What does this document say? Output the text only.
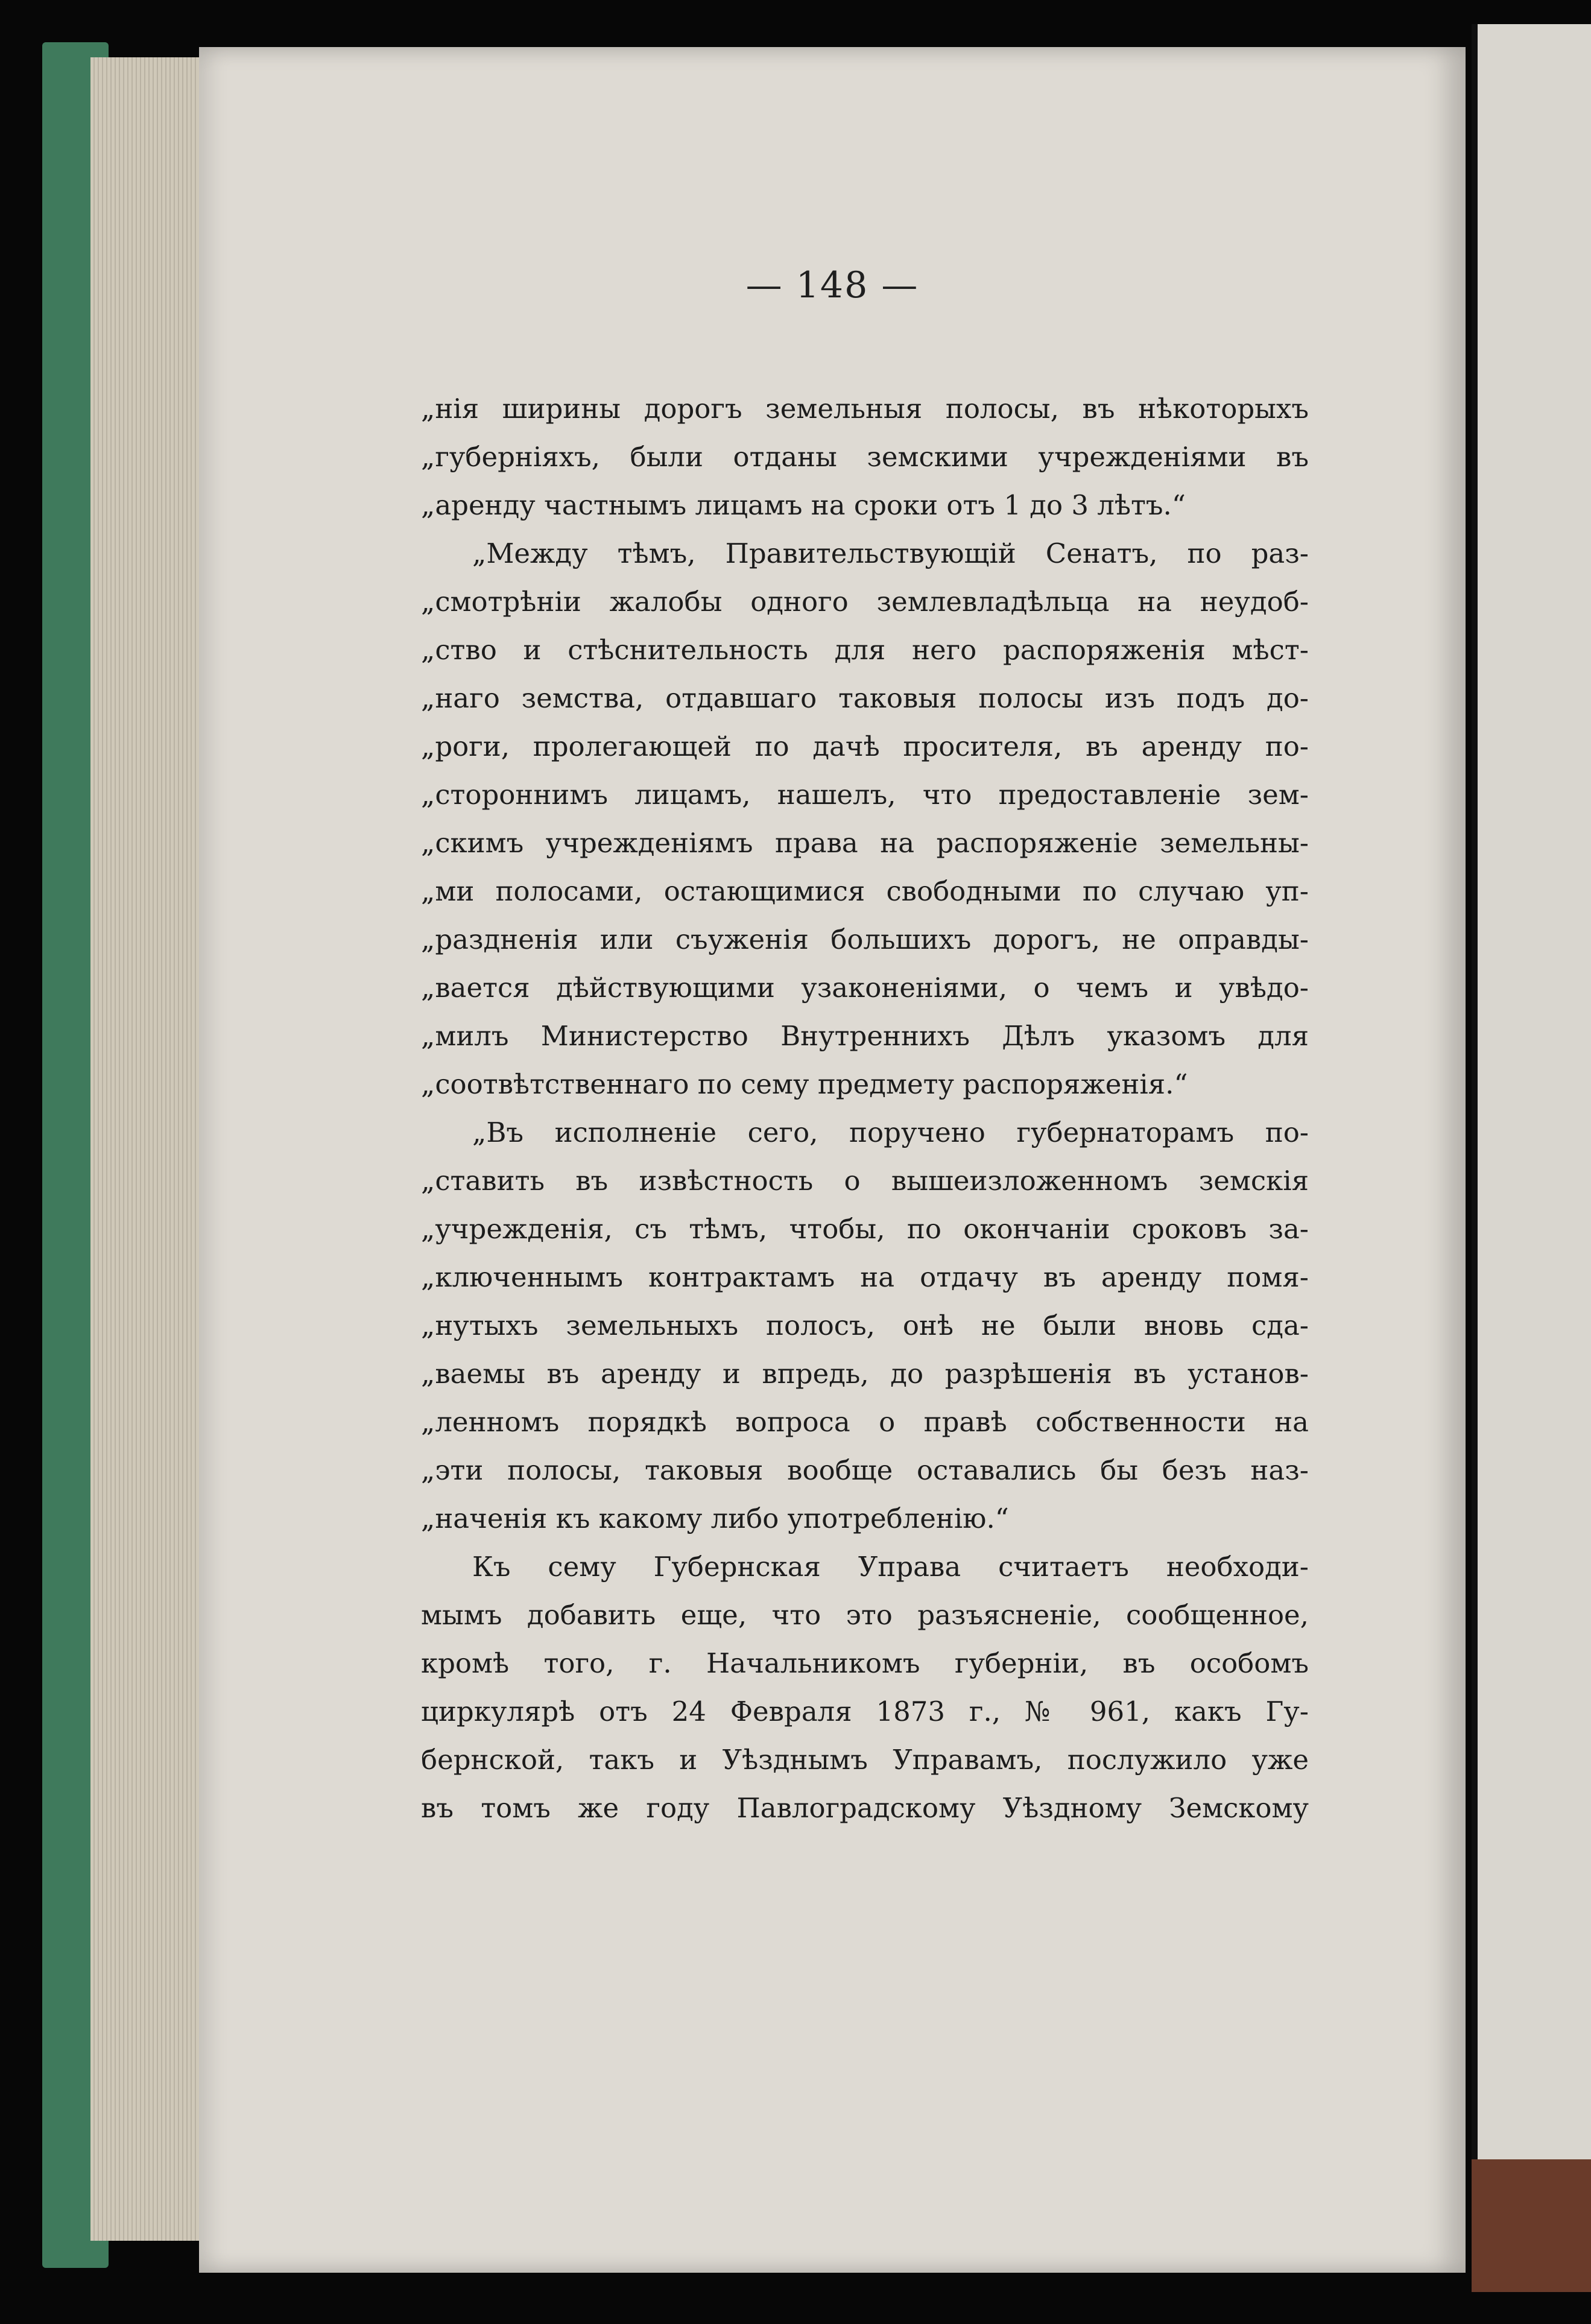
— 148 —
„нія ширины дорогъ земельныя полосы, въ нѣкоторыхъ
„губерніяхъ, были отданы земскими учрежденіями въ
„аренду частнымъ лицамъ на сроки отъ 1 до 3 лѣтъ.“
„Между тѣмъ, Правительствующій Сенатъ, по раз-
„смотрѣніи жалобы одного землевладѣльца на неудоб-
„ство и стѣснительность для него распоряженія мѣст-
„наго земства, отдавшаго таковыя полосы изъ подъ до-
„роги, пролегающей по дачѣ просителя, въ аренду по-
„стороннимъ лицамъ, нашелъ, что предоставленіе зем-
„скимъ учрежденіямъ права на распоряженіе земельны-
„ми полосами, остающимися свободными по случаю уп-
„раздненія или съуженія большихъ дорогъ, не оправды-
„вается дѣйствующими узаконеніями, о чемъ и увѣдо-
„милъ Министерство Внутреннихъ Дѣлъ указомъ для
„соотвѣтственнаго по сему предмету распоряженія.“
„Въ исполненіе сего, поручено губернаторамъ по-
„ставить въ извѣстность о вышеизложенномъ земскія
„учрежденія, съ тѣмъ, чтобы, по окончаніи сроковъ за-
„ключеннымъ контрактамъ на отдачу въ аренду помя-
„нутыхъ земельныхъ полосъ, онѣ не были вновь сда-
„ваемы въ аренду и впредь, до разрѣшенія въ установ-
„ленномъ порядкѣ вопроса о правѣ собственности на
„эти полосы, таковыя вообще оставались бы безъ наз-
„наченія къ какому либо употребленію.“
Къ сему Губернская Управа считаетъ необходи-
мымъ добавить еще, что это разъясненіе, сообщенное,
кромѣ того, г. Начальникомъ губерніи, въ особомъ
циркулярѣ отъ 24 Февраля 1873 г., № 961, какъ Гу-
бернской, такъ и Уѣзднымъ Управамъ, послужило уже
въ томъ же году Павлоградскому Уѣздному Земскому
